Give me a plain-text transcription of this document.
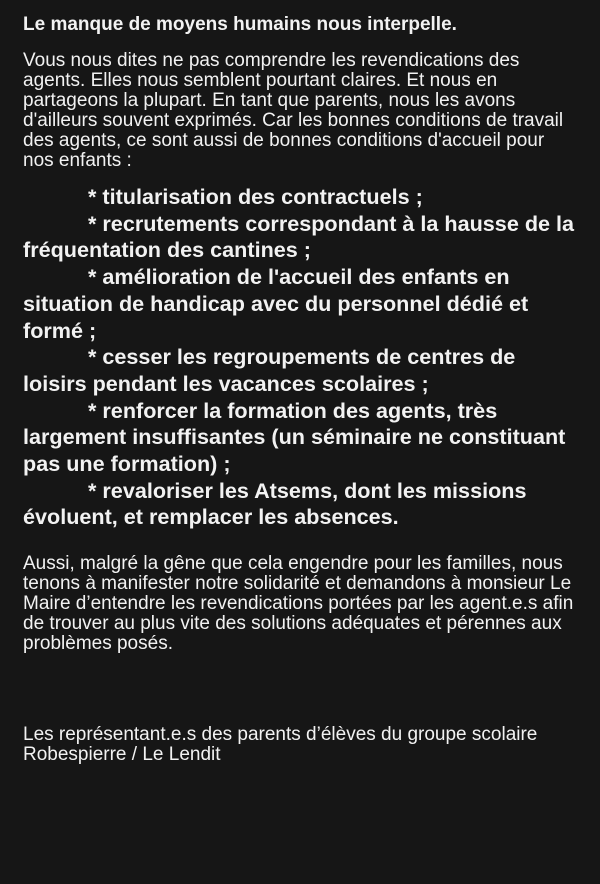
Le manque de moyens humains nous interpelle.

Vous nous dites ne pas comprendre les revendications des agents. Elles nous semblent pourtant claires. Et nous en partageons la plupart. En tant que parents, nous les avons d'ailleurs souvent exprimés. Car les bonnes conditions de travail des agents, ce sont aussi de bonnes conditions d'accueil pour nos enfants :

* titularisation des contractuels ;
* recrutements correspondant à la hausse de la fréquentation des cantines ;
* amélioration de l'accueil des enfants en situation de handicap avec du personnel dédié et formé ;
* cesser les regroupements de centres de loisirs pendant les vacances scolaires ;
* renforcer la formation des agents, très largement insuffisantes (un séminaire ne constituant pas une formation) ;
* revaloriser les Atsems, dont les missions évoluent, et remplacer les absences.

Aussi, malgré la gêne que cela engendre pour les familles, nous tenons à manifester notre solidarité et demandons à monsieur Le Maire d’entendre les revendications portées par les agent.e.s afin de trouver au plus vite des solutions adéquates et pérennes aux problèmes posés.

Les représentant.e.s des parents d’élèves du groupe scolaire Robespierre / Le Lendit
